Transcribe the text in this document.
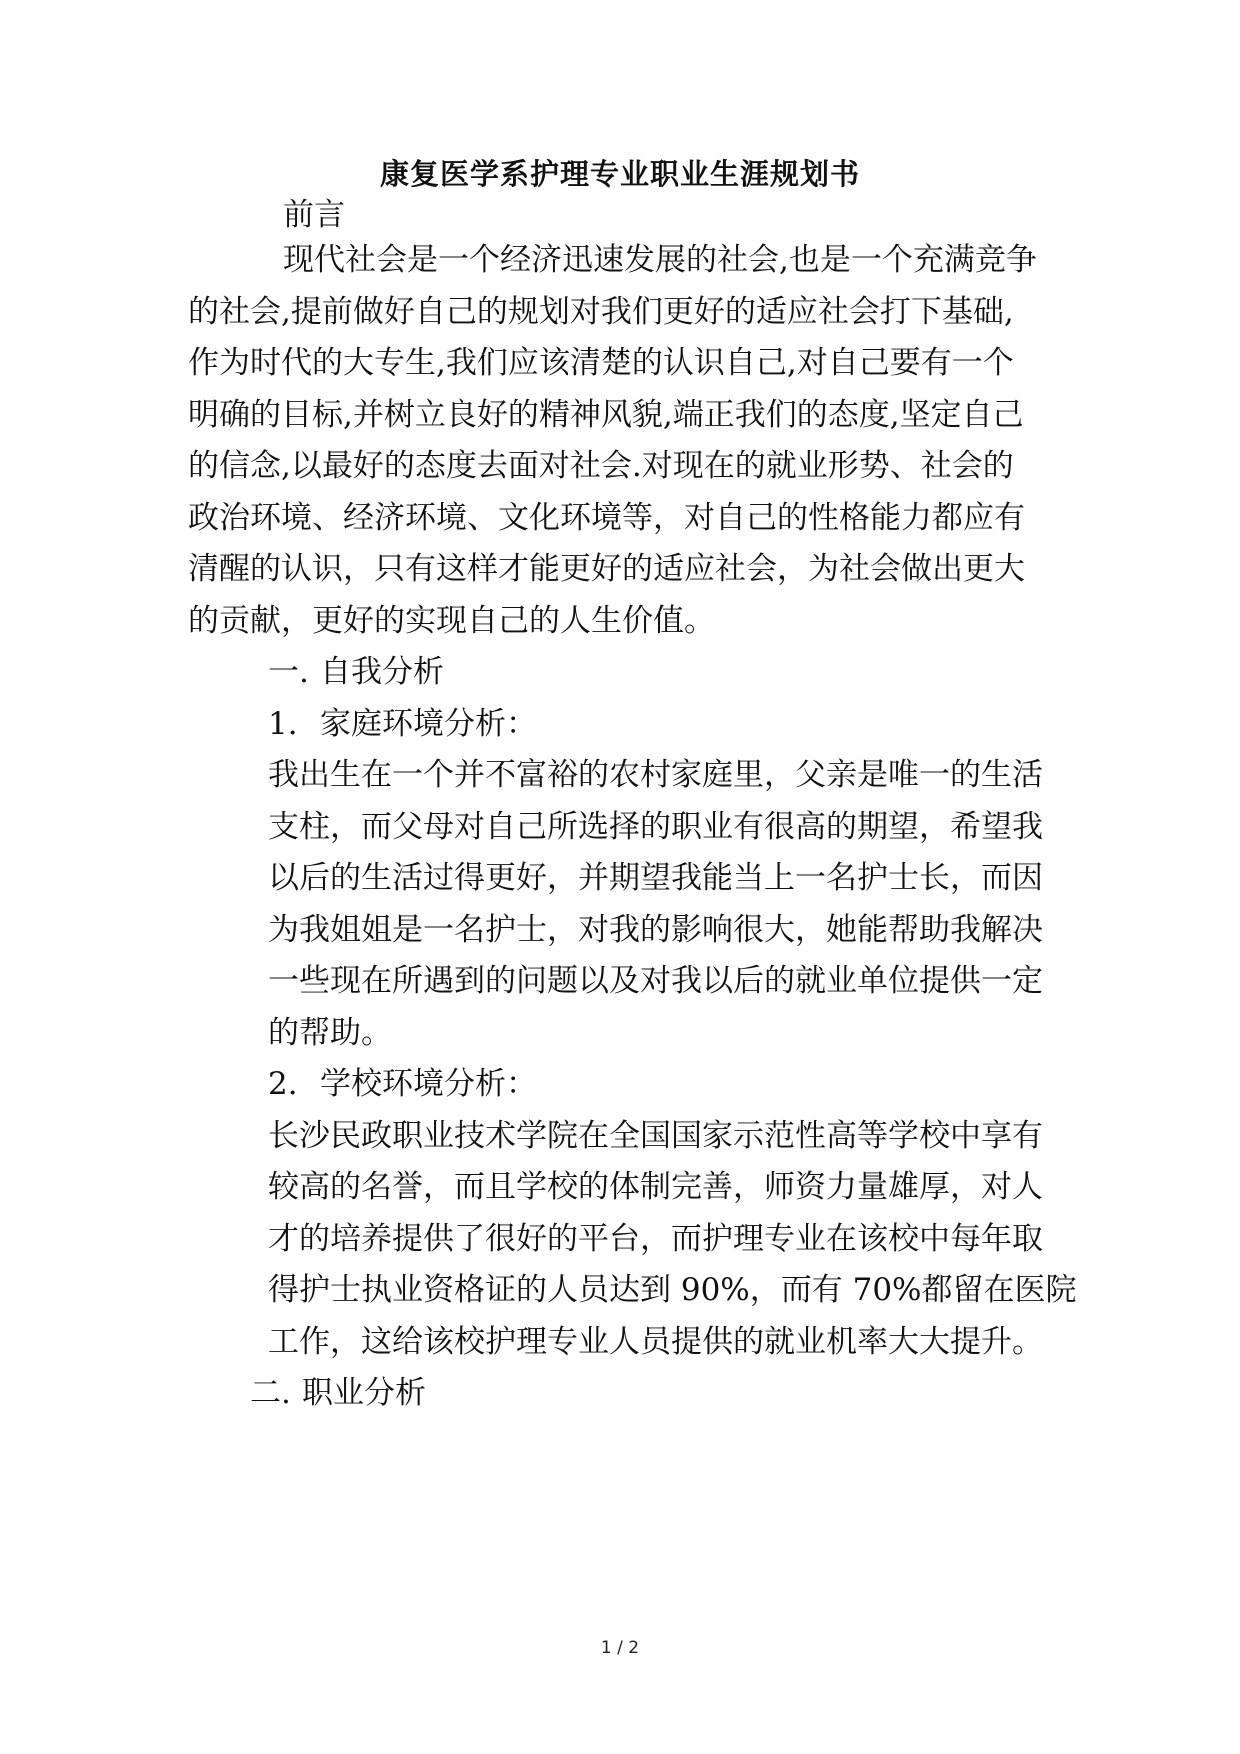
康复医学系护理专业职业生涯规划书

前言

现代社会是一个经济迅速发展的社会,也是一个充满竞争

的社会,提前做好自己的规划对我们更好的适应社会打下基础,

作为时代的大专生,我们应该清楚的认识自己,对自己要有一个

明确的目标,并树立良好的精神风貌,端正我们的态度,坚定自己

的信念,以最好的态度去面对社会.对现在的就业形势、社会的

政治环境、经济环境、文化环境等，对自己的性格能力都应有

清醒的认识，只有这样才能更好的适应社会，为社会做出更大

的贡献，更好的实现自己的人生价值。

一. 自我分析

1. 家庭环境分析：

我出生在一个并不富裕的农村家庭里，父亲是唯一的生活

支柱，而父母对自己所选择的职业有很高的期望，希望我

以后的生活过得更好，并期望我能当上一名护士长，而因

为我姐姐是一名护士，对我的影响很大，她能帮助我解决

一些现在所遇到的问题以及对我以后的就业单位提供一定

的帮助。

2. 学校环境分析：

长沙民政职业技术学院在全国国家示范性高等学校中享有

较高的名誉，而且学校的体制完善，师资力量雄厚，对人

才的培养提供了很好的平台，而护理专业在该校中每年取

得护士执业资格证的人员达到 90%，而有 70%都留在医院

工作，这给该校护理专业人员提供的就业机率大大提升。

二. 职业分析

1 / 2
